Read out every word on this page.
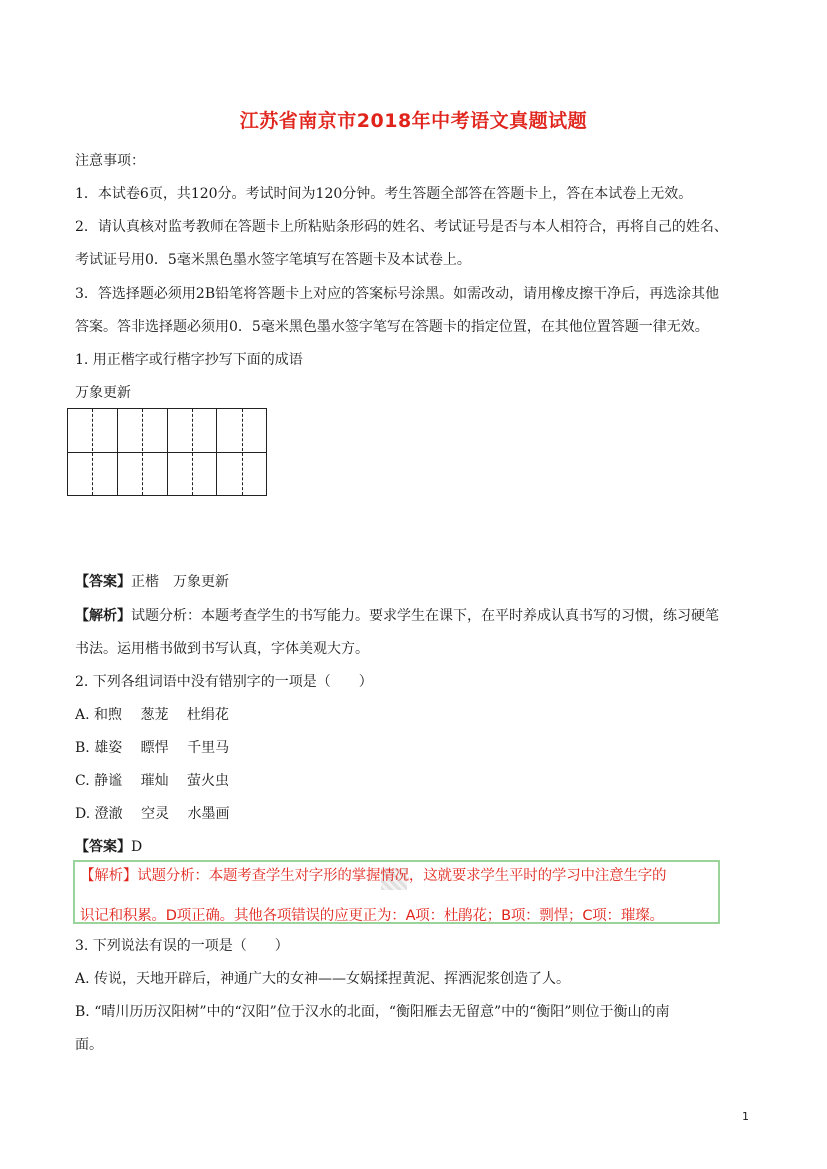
江苏省南京市2018年中考语文真题试题
注意事项：
1．本试卷6页，共120分。考试时间为120分钟。考生答题全部答在答题卡上，答在本试卷上无效。
2．请认真核对监考教师在答题卡上所粘贴条形码的姓名、考试证号是否与本人相符合，再将自己的姓名、
考试证号用0．5毫米黑色墨水签字笔填写在答题卡及本试卷上。
3．答选择题必须用2B铅笔将答题卡上对应的答案标号涂黑。如需改动，请用橡皮擦干净后，再选涂其他
答案。答非选择题必须用0．5毫米黑色墨水签字笔写在答题卡的指定位置，在其他位置答题一律无效。
1. 用正楷字或行楷字抄写下面的成语
万象更新
【答案】正楷　万象更新
【解析】试题分析：本题考查学生的书写能力。要求学生在课下，在平时养成认真书写的习惯，练习硬笔
书法。运用楷书做到书写认真，字体美观大方。
2. 下列各组词语中没有错别字的一项是（　　）
A. 和煦　 葱茏　 杜绢花
B. 雄姿　 瞟悍　 千里马
C. 静谧　 璀灿　 萤火虫
D. 澄澈　 空灵　 水墨画
【答案】D
【解析】试题分析：本题考查学生对字形的掌握情况，这就要求学生平时的学习中注意生字的
识记和积累。D项正确。其他各项错误的应更正为：A项：杜鹃花；B项：剽悍；C项：璀璨。
3. 下列说法有误的一项是（　　）
A. 传说，天地开辟后，神通广大的女神——女娲揉捏黄泥、挥洒泥浆创造了人。
B. “晴川历历汉阳树”中的“汉阳”位于汉水的北面，“衡阳雁去无留意”中的“衡阳”则位于衡山的南
面。
1
